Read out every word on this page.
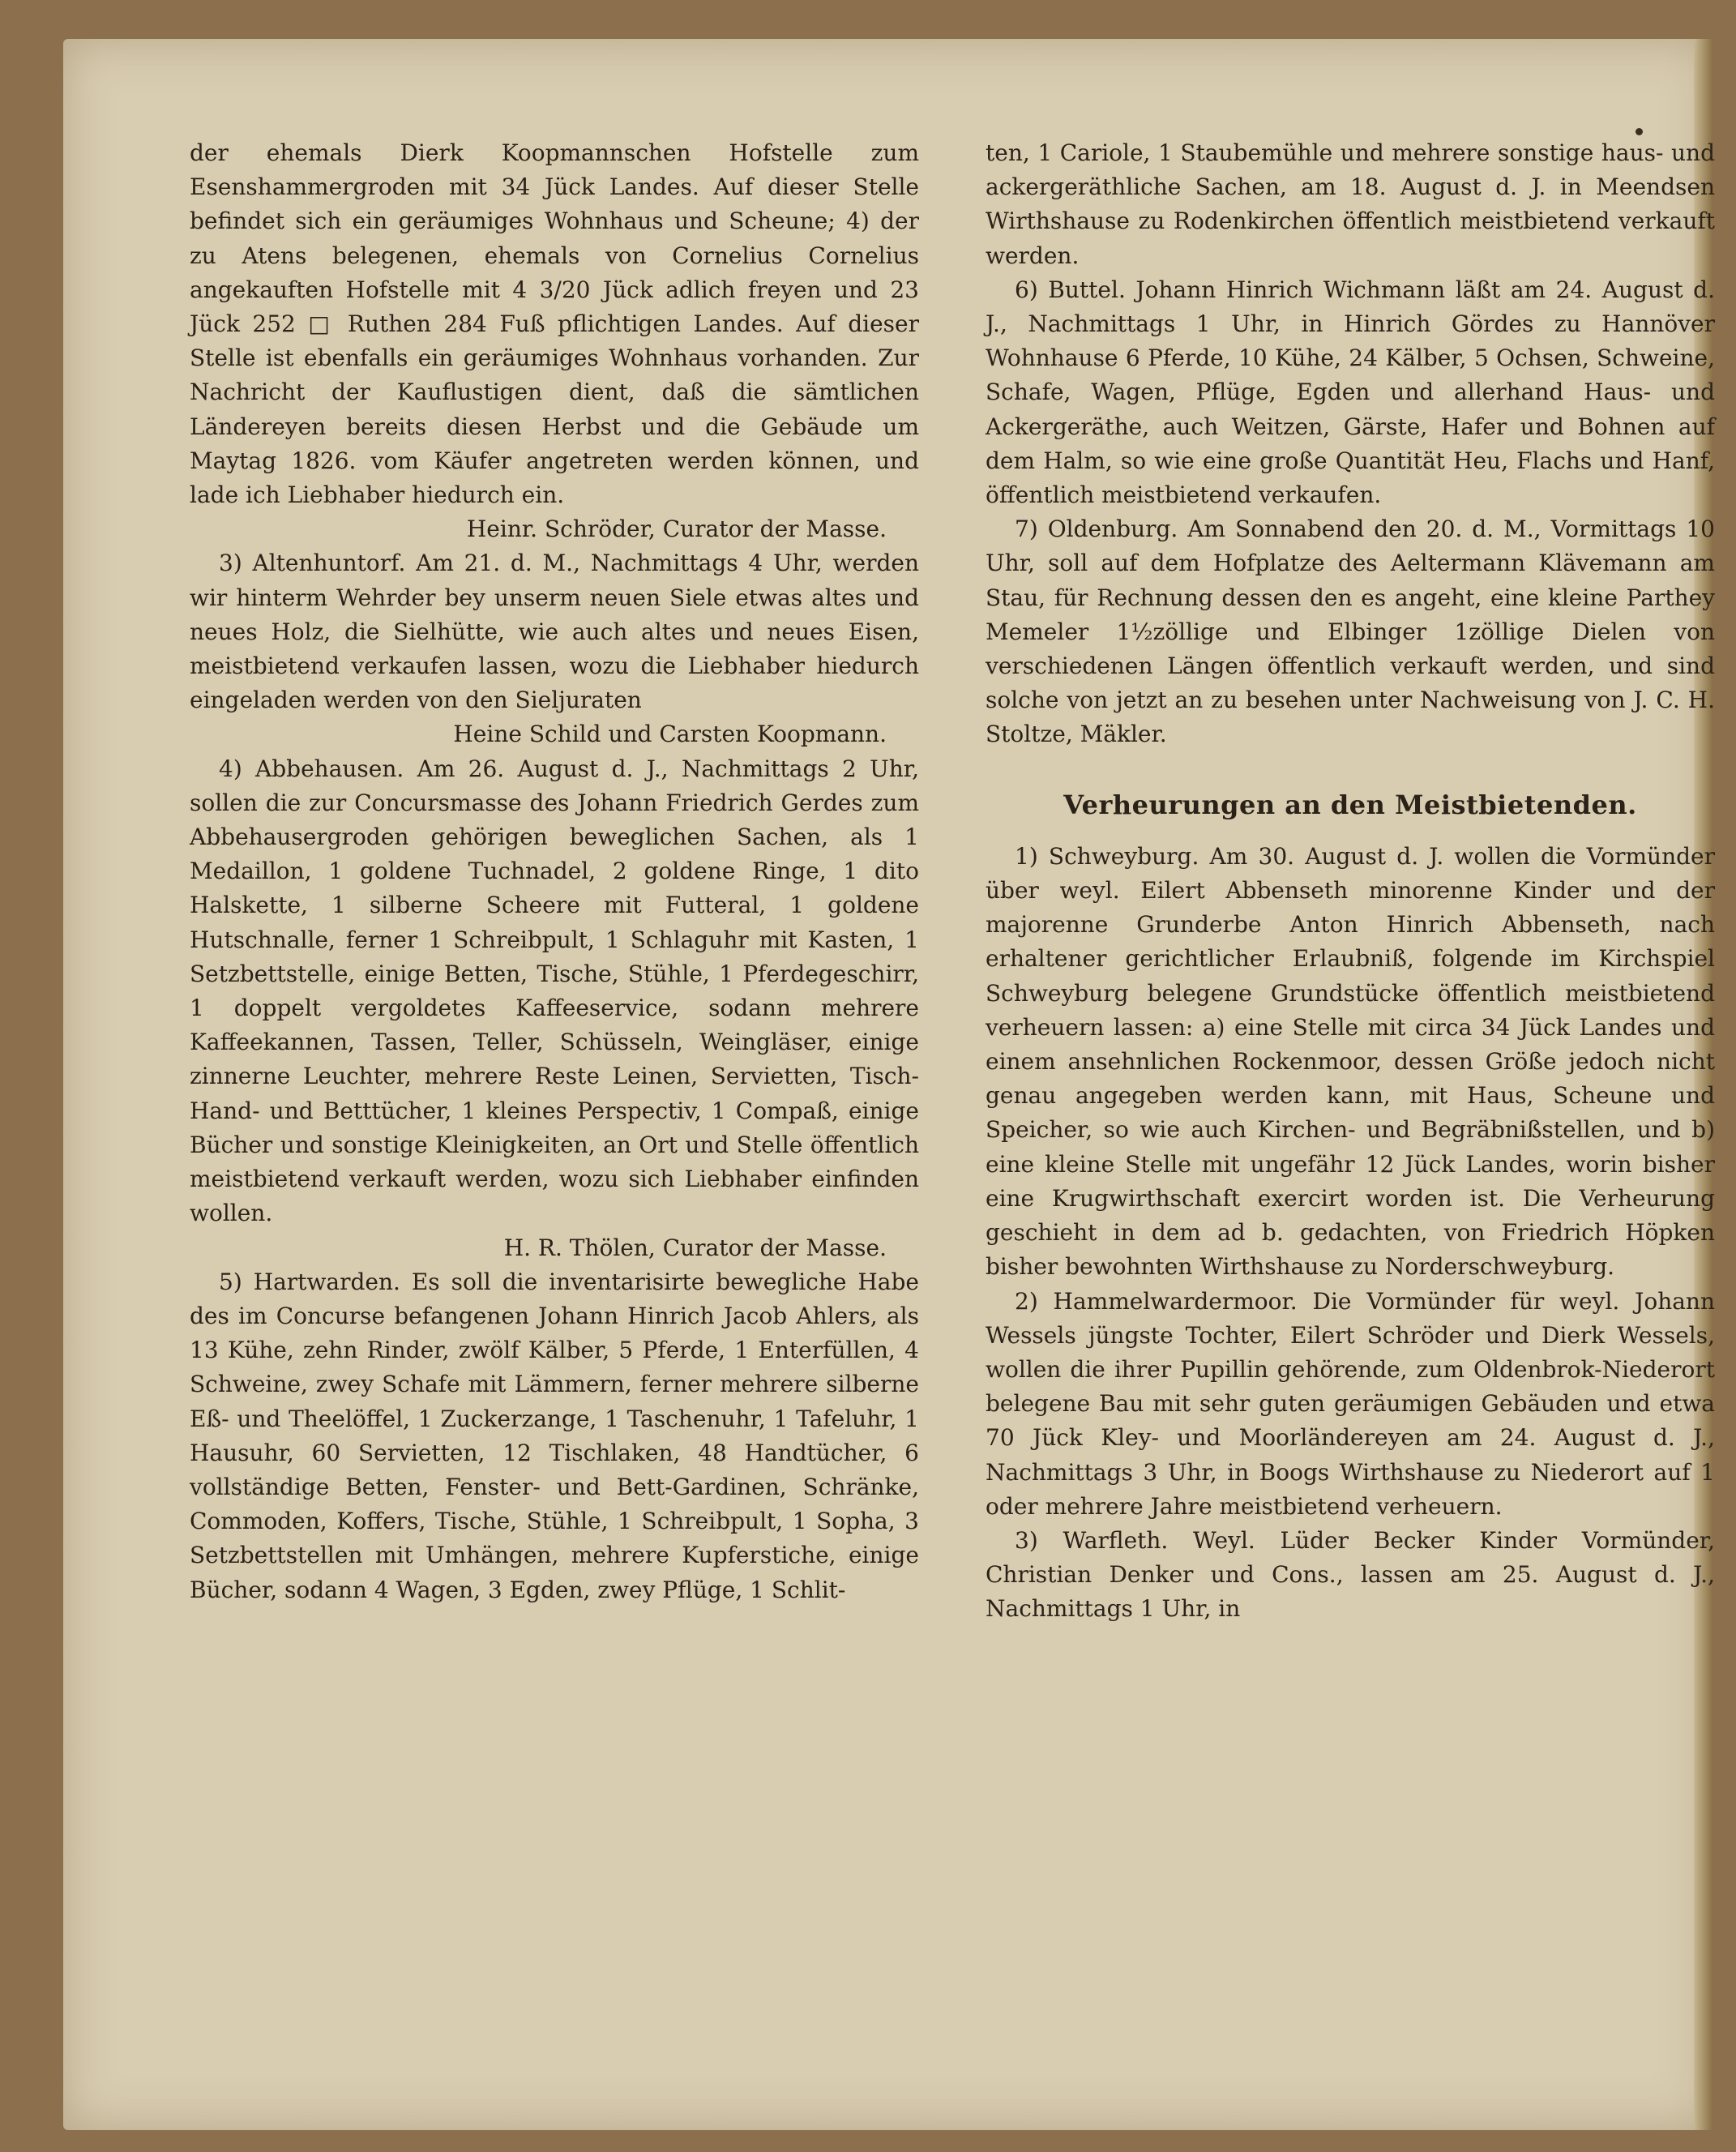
der ehemals Dierk Koopmannschen Hofstelle zum Esenshammergroden mit 34 Jück Landes. Auf dieser Stelle befindet sich ein geräumiges Wohnhaus und Scheune; 4) der zu Atens belegenen, ehemals von Cornelius Cornelius angekauften Hofstelle mit 4 3/20 Jück adlich freyen und 23 Jück 252 □ Ruthen 284 Fuß pflichtigen Landes. Auf dieser Stelle ist ebenfalls ein geräumiges Wohnhaus vorhanden. Zur Nachricht der Kauflustigen dient, daß die sämtlichen Ländereyen bereits diesen Herbst und die Gebäude um Maytag 1826. vom Käufer angetreten werden können, und lade ich Liebhaber hiedurch ein.

Heinr. Schröder, Curator der Masse.

3) Altenhuntorf. Am 21. d. M., Nachmittags 4 Uhr, werden wir hinterm Wehrder bey unserm neuen Siele etwas altes und neues Holz, die Sielhütte, wie auch altes und neues Eisen, meistbietend verkaufen lassen, wozu die Liebhaber hiedurch eingeladen werden von den Sieljuraten

Heine Schild und Carsten Koopmann.

4) Abbehausen. Am 26. August d. J., Nachmittags 2 Uhr, sollen die zur Concursmasse des Johann Friedrich Gerdes zum Abbehausergroden gehörigen beweglichen Sachen, als 1 Medaillon, 1 goldene Tuchnadel, 2 goldene Ringe, 1 dito Halskette, 1 silberne Scheere mit Futteral, 1 goldene Hutschnalle, ferner 1 Schreibpult, 1 Schlaguhr mit Kasten, 1 Setzbettstelle, einige Betten, Tische, Stühle, 1 Pferdegeschirr, 1 doppelt vergoldetes Kaffeeservice, sodann mehrere Kaffeekannen, Tassen, Teller, Schüsseln, Weingläser, einige zinnerne Leuchter, mehrere Reste Leinen, Servietten, Tisch- Hand- und Betttücher, 1 kleines Perspectiv, 1 Compaß, einige Bücher und sonstige Kleinigkeiten, an Ort und Stelle öffentlich meistbietend verkauft werden, wozu sich Liebhaber einfinden wollen.

H. R. Thölen, Curator der Masse.

5) Hartwarden. Es soll die inventarisirte bewegliche Habe des im Concurse befangenen Johann Hinrich Jacob Ahlers, als 13 Kühe, zehn Rinder, zwölf Kälber, 5 Pferde, 1 Enterfüllen, 4 Schweine, zwey Schafe mit Lämmern, ferner mehrere silberne Eß- und Theelöffel, 1 Zuckerzange, 1 Taschenuhr, 1 Tafeluhr, 1 Hausuhr, 60 Servietten, 12 Tischlaken, 48 Handtücher, 6 vollständige Betten, Fenster- und Bett-Gardinen, Schränke, Commoden, Koffers, Tische, Stühle, 1 Schreibpult, 1 Sopha, 3 Setzbettstellen mit Umhängen, mehrere Kupferstiche, einige Bücher, sodann 4 Wagen, 3 Egden, zwey Pflüge, 1 Schlit-

ten, 1 Cariole, 1 Staubemühle und mehrere sonstige haus- und ackergeräthliche Sachen, am 18. August d. J. in Meendsen Wirthshause zu Rodenkirchen öffentlich meistbietend verkauft werden.

6) Buttel. Johann Hinrich Wichmann läßt am 24. August d. J., Nachmittags 1 Uhr, in Hinrich Gördes zu Hannöver Wohnhause 6 Pferde, 10 Kühe, 24 Kälber, 5 Ochsen, Schweine, Schafe, Wagen, Pflüge, Egden und allerhand Haus- und Ackergeräthe, auch Weitzen, Gärste, Hafer und Bohnen auf dem Halm, so wie eine große Quantität Heu, Flachs und Hanf, öffentlich meistbietend verkaufen.

7) Oldenburg. Am Sonnabend den 20. d. M., Vormittags 10 Uhr, soll auf dem Hofplatze des Aeltermann Klävemann am Stau, für Rechnung dessen den es angeht, eine kleine Parthey Memeler 1½zöllige und Elbinger 1zöllige Dielen von verschiedenen Längen öffentlich verkauft werden, und sind solche von jetzt an zu besehen unter Nachweisung von J. C. H. Stoltze, Mäkler.

Verheurungen an den Meistbietenden.

1) Schweyburg. Am 30. August d. J. wollen die Vormünder über weyl. Eilert Abbenseth minorenne Kinder und der majorenne Grunderbe Anton Hinrich Abbenseth, nach erhaltener gerichtlicher Erlaubniß, folgende im Kirchspiel Schweyburg belegene Grundstücke öffentlich meistbietend verheuern lassen: a) eine Stelle mit circa 34 Jück Landes und einem ansehnlichen Rockenmoor, dessen Größe jedoch nicht genau angegeben werden kann, mit Haus, Scheune und Speicher, so wie auch Kirchen- und Begräbnißstellen, und b) eine kleine Stelle mit ungefähr 12 Jück Landes, worin bisher eine Krugwirthschaft exercirt worden ist. Die Verheurung geschieht in dem ad b. gedachten, von Friedrich Höpken bisher bewohnten Wirthshause zu Norderschweyburg.

2) Hammelwardermoor. Die Vormünder für weyl. Johann Wessels jüngste Tochter, Eilert Schröder und Dierk Wessels, wollen die ihrer Pupillin gehörende, zum Oldenbrok-Niederort belegene Bau mit sehr guten geräumigen Gebäuden und etwa 70 Jück Kley- und Moorländereyen am 24. August d. J., Nachmittags 3 Uhr, in Boogs Wirthshause zu Niederort auf 1 oder mehrere Jahre meistbietend verheuern.

3) Warfleth. Weyl. Lüder Becker Kinder Vormünder, Christian Denker und Cons., lassen am 25. August d. J., Nachmittags 1 Uhr, in
